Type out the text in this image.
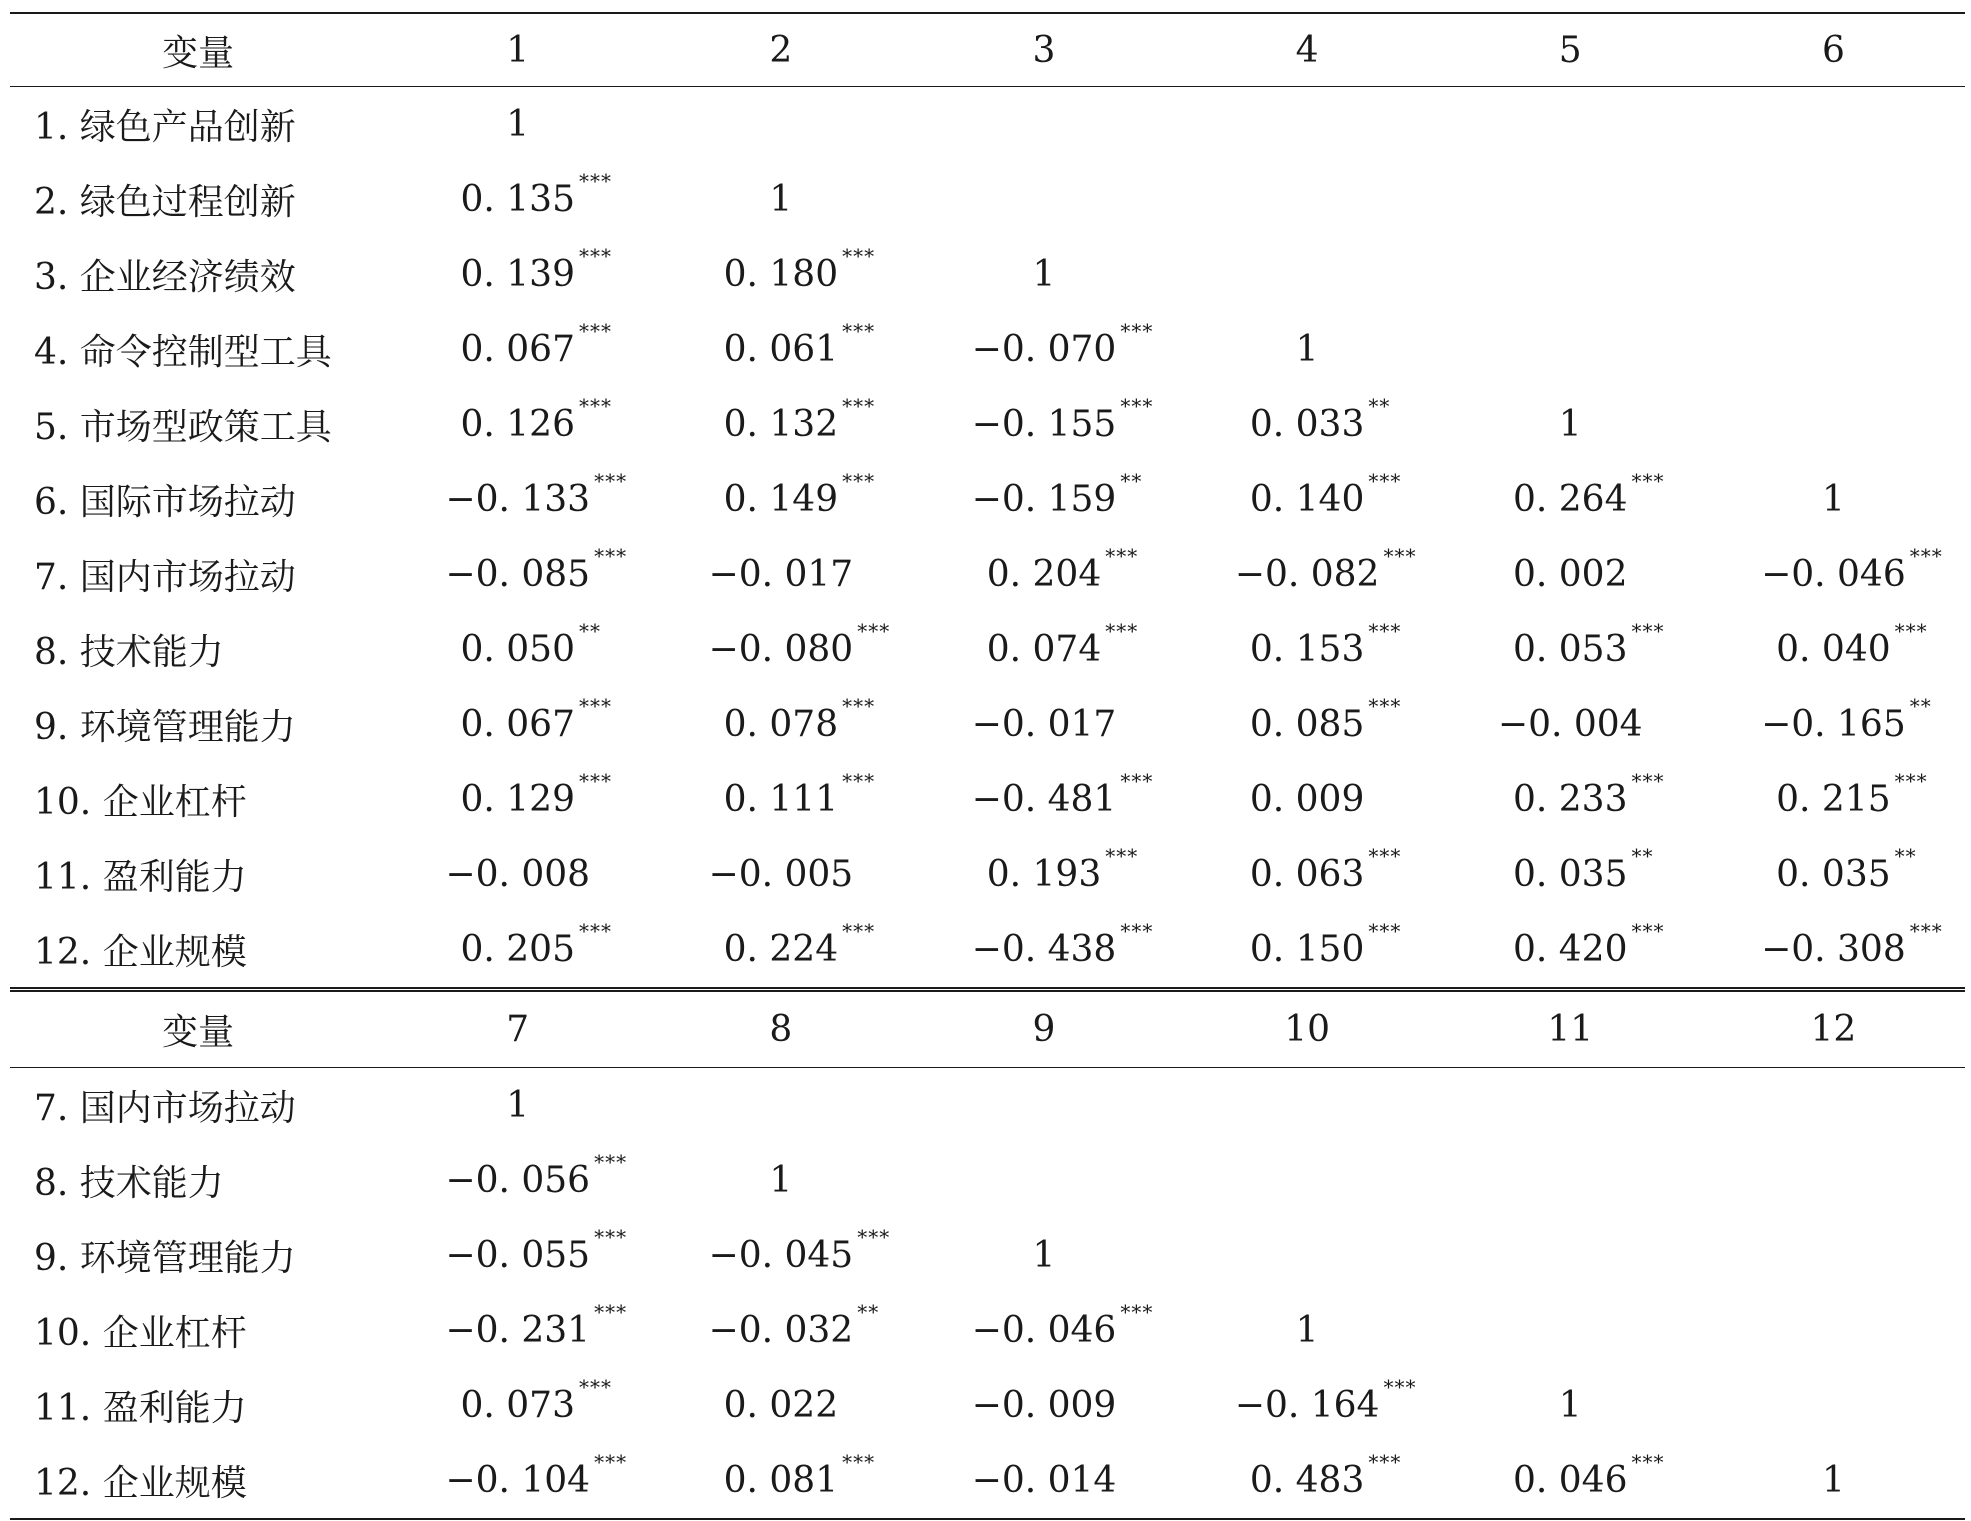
变量	1	2	3	4	5	6
1. 绿色产品创新	1

2. 绿色过程创新	0. 135 ***	1

3. 企业经济绩效	0. 139 ***	0. 180 ***	1

4. 命令控制型工具	0. 067 ***	0. 061 ***	−0. 070 ***	1

5. 市场型政策工具	0. 126 ***	0. 132 ***	−0. 155 ***	0. 033 **	1

6. 国际市场拉动	−0. 133 ***	0. 149 ***	−0. 159 **	0. 140 ***	0. 264 ***	1

7. 国内市场拉动	−0. 085 ***	−0. 017	0. 204 ***	−0. 082 ***	0. 002	−0. 046 ***

8. 技术能力	0. 050 **	−0. 080 ***	0. 074 ***	0. 153 ***	0. 053 ***	0. 040 ***

9. 环境管理能力	0. 067 ***	0. 078 ***	−0. 017	0. 085 ***	−0. 004	−0. 165 **

10. 企业杠杆	0. 129 ***	0. 111 ***	−0. 481 ***	0. 009	0. 233 ***	0. 215 ***

11. 盈利能力	−0. 008	−0. 005	0. 193 ***	0. 063 ***	0. 035 **	0. 035 **

12. 企业规模	0. 205 ***	0. 224 ***	−0. 438 ***	0. 150 ***	0. 420 ***	−0. 308 ***

变量	7	8	9	10	11	12
7. 国内市场拉动	1

8. 技术能力	−0. 056 ***	1

9. 环境管理能力	−0. 055 ***	−0. 045 ***	1

10. 企业杠杆	−0. 231 ***	−0. 032 **	−0. 046 ***	1

11. 盈利能力	0. 073 ***	0. 022	−0. 009	−0. 164 ***	1

12. 企业规模	−0. 104 ***	0. 081 ***	−0. 014	0. 483 ***	0. 046 ***	1
